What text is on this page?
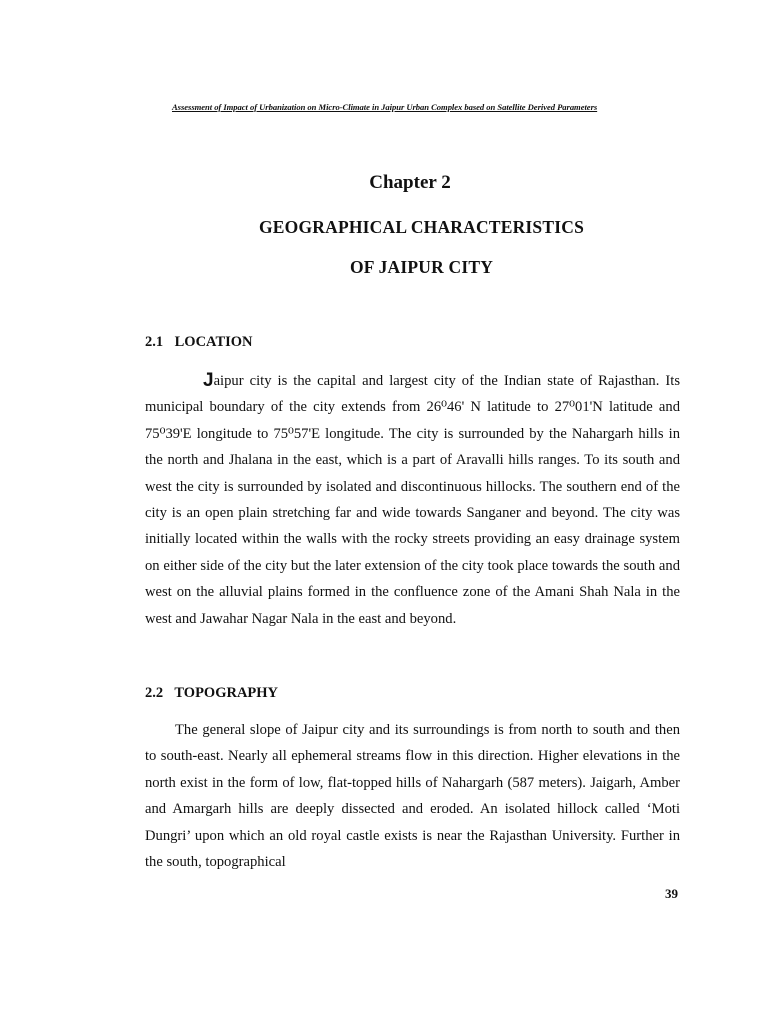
Assessment of Impact of Urbanization on Micro-Climate in Jaipur Urban Complex based on Satellite Derived Parameters
Chapter 2
GEOGRAPHICAL CHARACTERISTICS
OF JAIPUR CITY
2.1 LOCATION

Jaipur city is the capital and largest city of the Indian state of Rajasthan. Its municipal boundary of the city extends from 26⁰46' N latitude to 27⁰01'N latitude and 75⁰39'E longitude to 75⁰57'E longitude. The city is surrounded by the Nahargarh hills in the north and Jhalana in the east, which is a part of Aravalli hills ranges. To its south and west the city is surrounded by isolated and discontinuous hillocks. The southern end of the city is an open plain stretching far and wide towards Sanganer and beyond. The city was initially located within the walls with the rocky streets providing an easy drainage system on either side of the city but the later extension of the city took place towards the south and west on the alluvial plains formed in the confluence zone of the Amani Shah Nala in the west and Jawahar Nagar Nala in the east and beyond.

2.2 TOPOGRAPHY

The general slope of Jaipur city and its surroundings is from north to south and then to south-east. Nearly all ephemeral streams flow in this direction. Higher elevations in the north exist in the form of low, flat-topped hills of Nahargarh (587 meters). Jaigarh, Amber and Amargarh hills are deeply dissected and eroded. An isolated hillock called ‘Moti Dungri’ upon which an old royal castle exists is near the Rajasthan University. Further in the south, topographical

39
